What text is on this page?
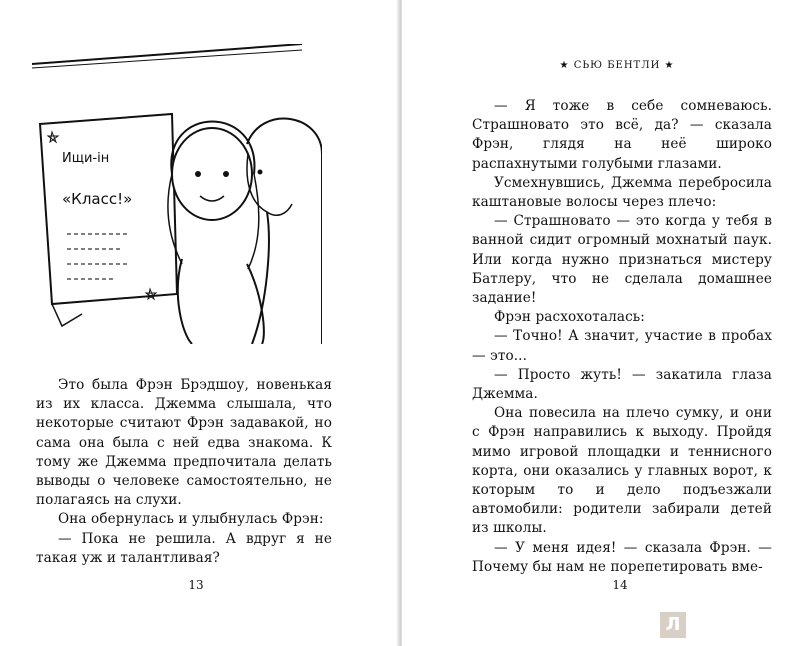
Ищи-ін
«Класс!»

Это была Фрэн Брэдшоу, новенькая из их класса. Джемма слышала, что некоторые считают Фрэн задавакой, но сама она была с ней едва знакома. К тому же Джемма предпочитала делать выводы о человеке самостоятельно, не полагаясь на слухи.

Она обернулась и улыбнулась Фрэн:

— Пока не решила. А вдруг я не такая уж и талантливая?

13
★ СЬЮ БЕНТЛИ ★

— Я тоже в себе сомневаюсь. Страшновато это всё, да? — сказала Фрэн, глядя на неё широко распахнутыми голубыми глазами.

Усмехнувшись, Джемма перебросила каштановые волосы через плечо:

— Страшновато — это когда у тебя в ванной сидит огромный мохнатый паук. Или когда нужно признаться мистеру Батлеру, что не сделала домашнее задание!

Фрэн расхохоталась:

— Точно! А значит, участие в пробах — это...

— Просто жуть! — закатила глаза Джемма.

Она повесила на плечо сумку, и они с Фрэн направились к выходу. Пройдя мимо игровой площадки и теннисного корта, они оказались у главных ворот, к которым то и дело подъезжали автомобили: родители забирали детей из школы.

— У меня идея! — сказала Фрэн. — Почему бы нам не порепетировать вме-

14
Л
